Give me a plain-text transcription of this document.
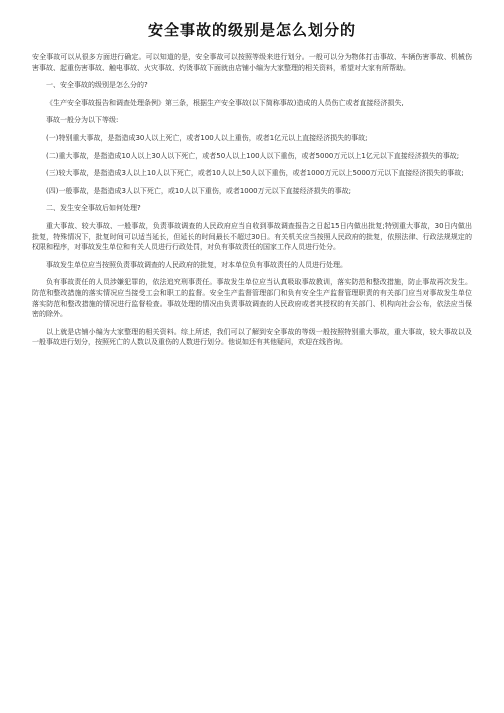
安全事故的级别是怎么划分的

安全事故可以从很多方面进行确定。可以知道的是，安全事故可以按照等级来进行划分。一般可以分为物体打击事故、车辆伤害事故、机械伤害事故、起重伤害事故、触电事故、火灾事故、灼烫事故下面就由店铺小编为大家整理的相关资料，希望对大家有所帮助。

一、安全事故的级别是怎么分的?

《生产安全事故报告和调查处理条例》第三条，根据生产安全事故(以下简称事故)造成的人员伤亡或者直接经济损失,

事故一般分为以下等级:

(一)特别重大事故，是指造成30人以上死亡，或者100人以上重伤，或者1亿元以上直接经济损失的事故;

(二)重大事故，是指造成10人以上30人以下死亡，或者50人以上100人以下重伤，或者5000万元以上1亿元以下直接经济损失的事故;

(三)较大事故，是指造成3人以上10人以下死亡，或者10人以上50人以下重伤，或者1000万元以上5000万元以下直接经济损失的事故;

(四)一般事故，是指造成3人以下死亡，或10人以下重伤，或者1000万元以下直接经济损失的事故;

二、发生安全事故后如何处理?

重大事故、较大事故、一般事故，负责事故调查的人民政府应当自收到事故调查报告之日起15日内做出批复;特别重大事故，30日内做出批复，特殊情况下，批复时间可以适当延长，但延长的时间最长不超过30日。有关机关应当按照人民政府的批复，依照法律、行政法规规定的权限和程序，对事故发生单位和有关人员进行行政处罚，对负有事故责任的国家工作人员进行处分。

事故发生单位应当按照负责事故调查的人民政府的批复，对本单位负有事故责任的人员进行处理。

负有事故责任的人员涉嫌犯罪的，依法追究刑事责任。事故发生单位应当认真吸取事故教训，落实防范和整改措施，防止事故再次发生。防范和整改措施的落实情况应当接受工会和职工的监督。安全生产监督管理部门和负有安全生产监督管理职责的有关部门应当对事故发生单位落实防范和整改措施的情况进行监督检查。事故处理的情况由负责事故调查的人民政府或者其授权的有关部门、机构向社会公布，依法应当保密的除外。

以上就是店铺小编为大家整理的相关资料。综上所述，我们可以了解到安全事故的等级一般按照特别重大事故，重大事故，较大事故以及一般事故进行划分，按照死亡的人数以及重伤的人数进行划分。他说如还有其他疑问，欢迎在线咨询。
